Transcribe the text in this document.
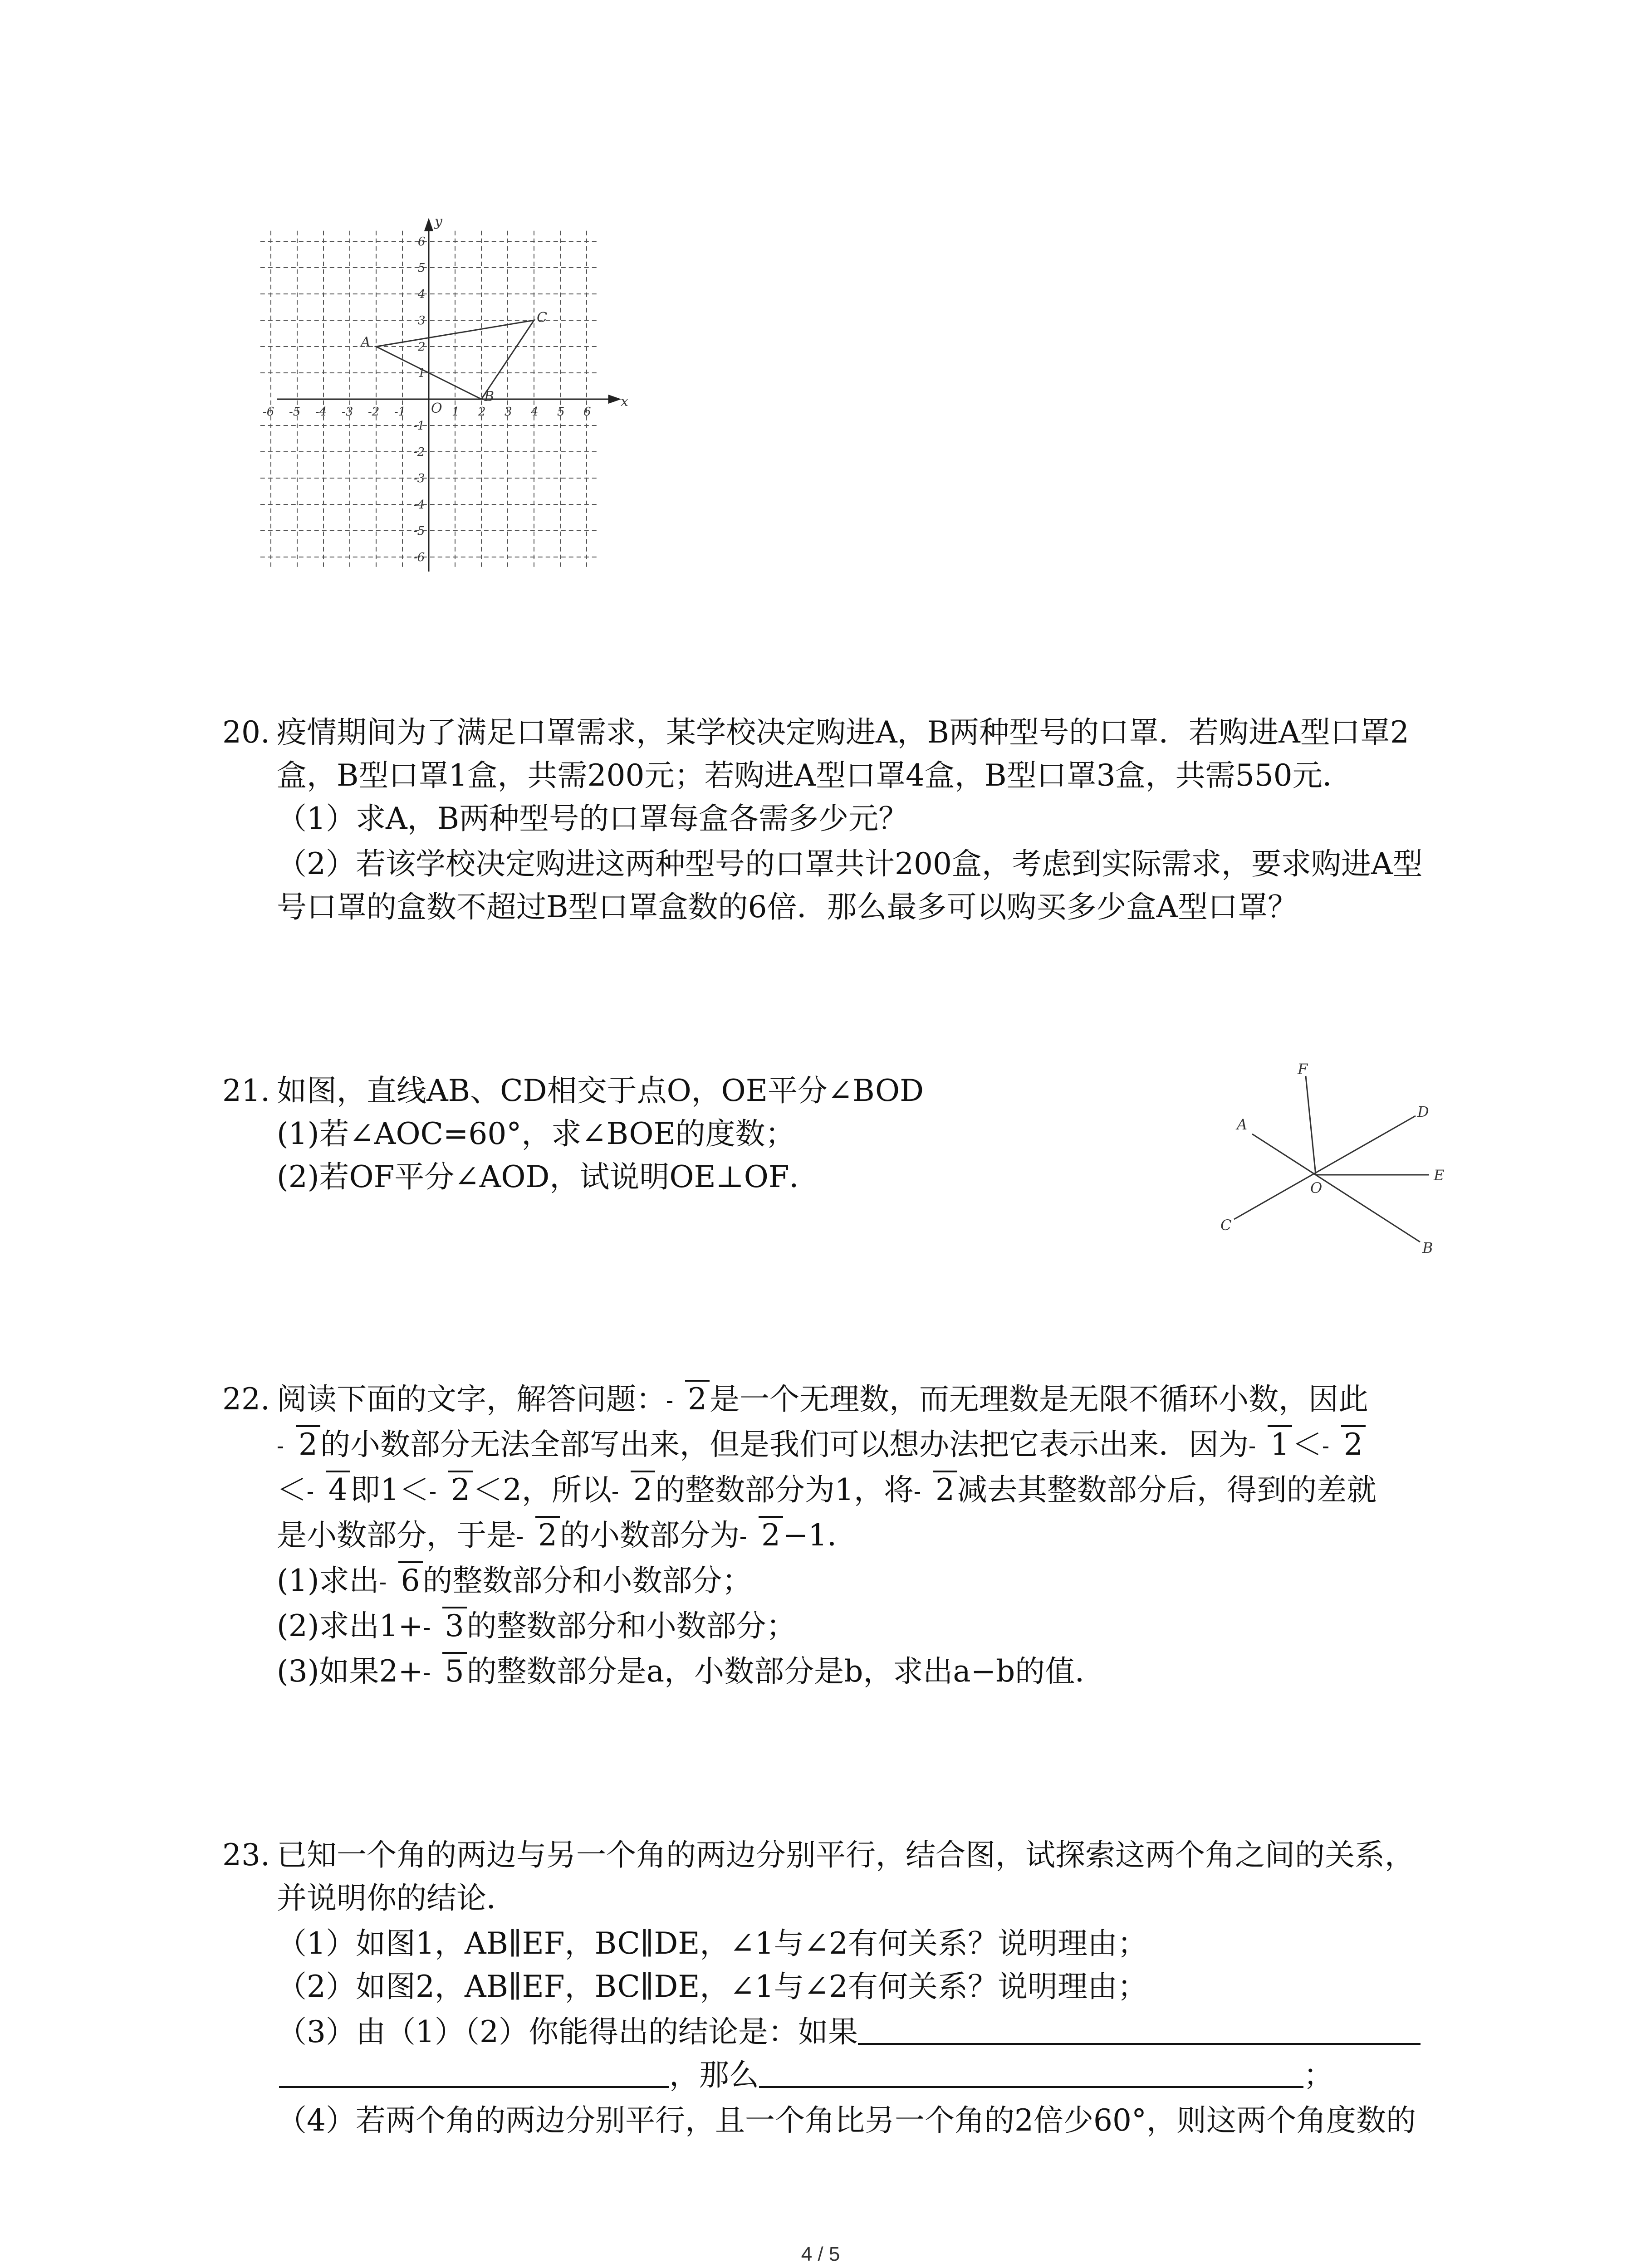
-6 -5 -4 -3 -2 -1	1 2 3 4 5 6
6
5
4
3
2
1
-1
-2
-3
-4
-5
-6
x
y
O
A
B
C
20. 疫情期间为了满足口罩需求，某学校决定购进A，B两种型号的口罩．若购进A型口罩2
盒，B型口罩1盒，共需200元；若购进A型口罩4盒，B型口罩3盒，共需550元．
（1）求A，B两种型号的口罩每盒各需多少元？
（2）若该学校决定购进这两种型号的口罩共计200盒，考虑到实际需求，要求购进A型
号口罩的盒数不超过B型口罩盒数的6倍．那么最多可以购买多少盒A型口罩？
21. 如图，直线AB、CD相交于点O，OE平分∠BOD
(1)若∠AOC=60°，求∠BOE的度数；
(2)若OF平分∠AOD，试说明OE⊥OF．
F
A
D
O
E
C
B
22. 阅读下面的文字，解答问题： 2是一个无理数，而无理数是无限不循环小数，因此
2的小数部分无法全部写出来，但是我们可以想办法把它表示出来．因为 1＜ 2
＜ 4即1＜ 2＜2，所以 2的整数部分为1，将 2减去其整数部分后，得到的差就
是小数部分，于是 2的小数部分为 2−1．
(1)求出 6的整数部分和小数部分；
(2)求出1+ 3的整数部分和小数部分；
(3)如果2+ 5的整数部分是a，小数部分是b，求出a−b的值．
23. 已知一个角的两边与另一个角的两边分别平行，结合图，试探索这两个角之间的关系，
并说明你的结论．
（1）如图1，AB∥EF，BC∥DE，∠1与∠2有何关系？说明理由；
（2）如图2，AB∥EF，BC∥DE，∠1与∠2有何关系？说明理由；
（3）由（1）（2）你能得出的结论是：如果
，那么	；
（4）若两个角的两边分别平行，且一个角比另一个角的2倍少60°，则这两个角度数的
4 / 5
